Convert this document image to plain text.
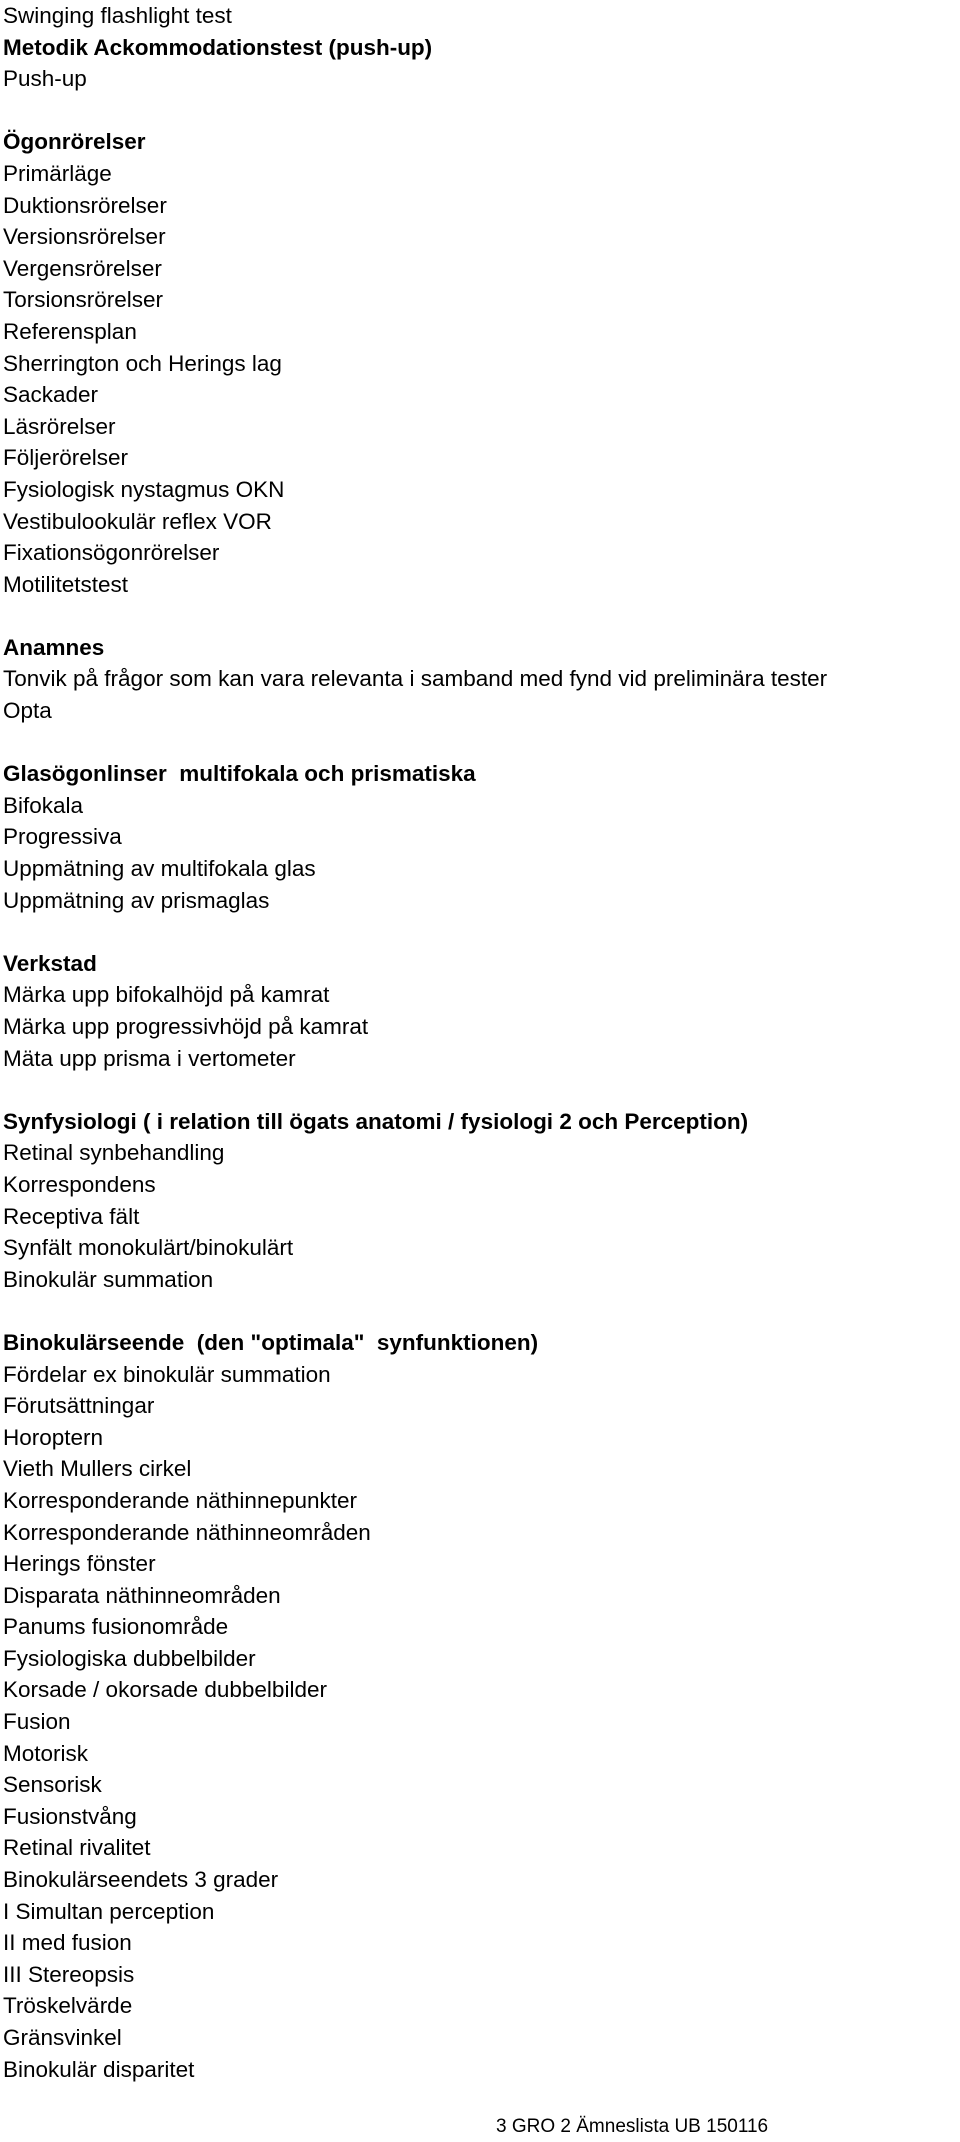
Swinging flashlight test
Metodik Ackommodationstest (push-up)
Push-up
Ögonrörelser
Primärläge
Duktionsrörelser
Versionsrörelser
Vergensrörelser
Torsionsrörelser
Referensplan
Sherrington och Herings lag
Sackader
Läsrörelser
Följerörelser
Fysiologisk nystagmus OKN
Vestibulookulär reflex VOR
Fixationsögonrörelser
Motilitetstest
Anamnes
Tonvik på frågor som kan vara relevanta i samband med fynd vid preliminära tester
Opta
Glasögonlinser  multifokala och prismatiska
Bifokala
Progressiva
Uppmätning av multifokala glas
Uppmätning av prismaglas
Verkstad
Märka upp bifokalhöjd på kamrat
Märka upp progressivhöjd på kamrat
Mäta upp prisma i vertometer
Synfysiologi ( i relation till ögats anatomi / fysiologi 2 och Perception)
Retinal synbehandling
Korrespondens
Receptiva fält
Synfält monokulärt/binokulärt
Binokulär summation
Binokulärseende  (den "optimala"  synfunktionen)
Fördelar ex binokulär summation
Förutsättningar
Horoptern
Vieth Mullers cirkel
Korresponderande näthinnepunkter
Korresponderande näthinneområden
Herings fönster
Disparata näthinneområden
Panums fusionområde
Fysiologiska dubbelbilder
Korsade / okorsade dubbelbilder
Fusion
Motorisk
Sensorisk
Fusionstvång
Retinal rivalitet
Binokulärseendets 3 grader
I Simultan perception
II med fusion
III Stereopsis
Tröskelvärde
Gränsvinkel
Binokulär disparitet
3 GRO 2 Ämneslista UB 150116
